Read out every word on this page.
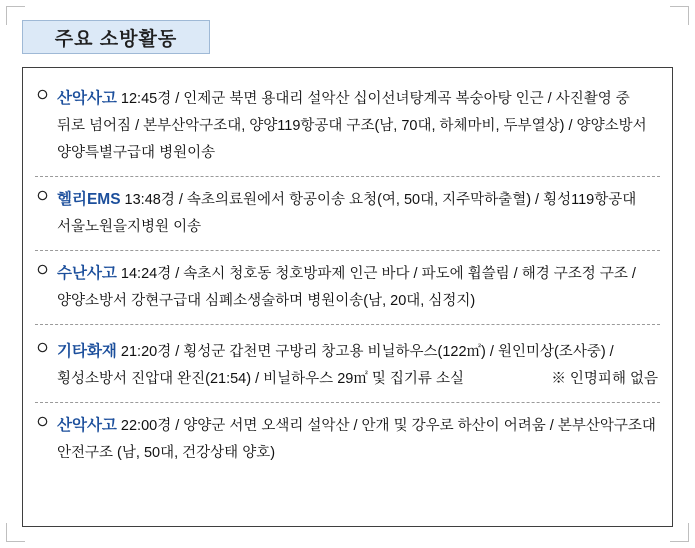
주요 소방활동
산악사고 12:45경 / 인제군 북면 용대리 설악산 십이선녀탕계곡 복숭아탕 인근 / 사진촬영 중 뒤로 넘어짐 / 본부산악구조대, 양양119항공대 구조(남, 70대, 하체마비, 두부열상) / 양양소방서 양양특별구급대 병원이송
헬리EMS 13:48경 / 속초의료원에서 항공이송 요청(여, 50대, 지주막하출혈) / 횡성119항공대 서울노원을지병원 이송
수난사고 14:24경 / 속초시 청호동 청호방파제 인근 바다 / 파도에 휩쓸림 / 해경 구조정 구조 / 양양소방서 강현구급대 심폐소생술하며 병원이송(남, 20대, 심정지)
기타화재 21:20경 / 횡성군 갑천면 구방리 창고용 비닐하우스(122㎡) / 원인미상(조사중) / 횡성소방서 진압대 완진(21:54) / 비닐하우스 29㎡ 및 집기류 소실	※ 인명피해 없음
산악사고 22:00경 / 양양군 서면 오색리 설악산 / 안개 및 강우로 하산이 어려움 / 본부산악구조대 안전구조 (남, 50대, 건강상태 양호)
